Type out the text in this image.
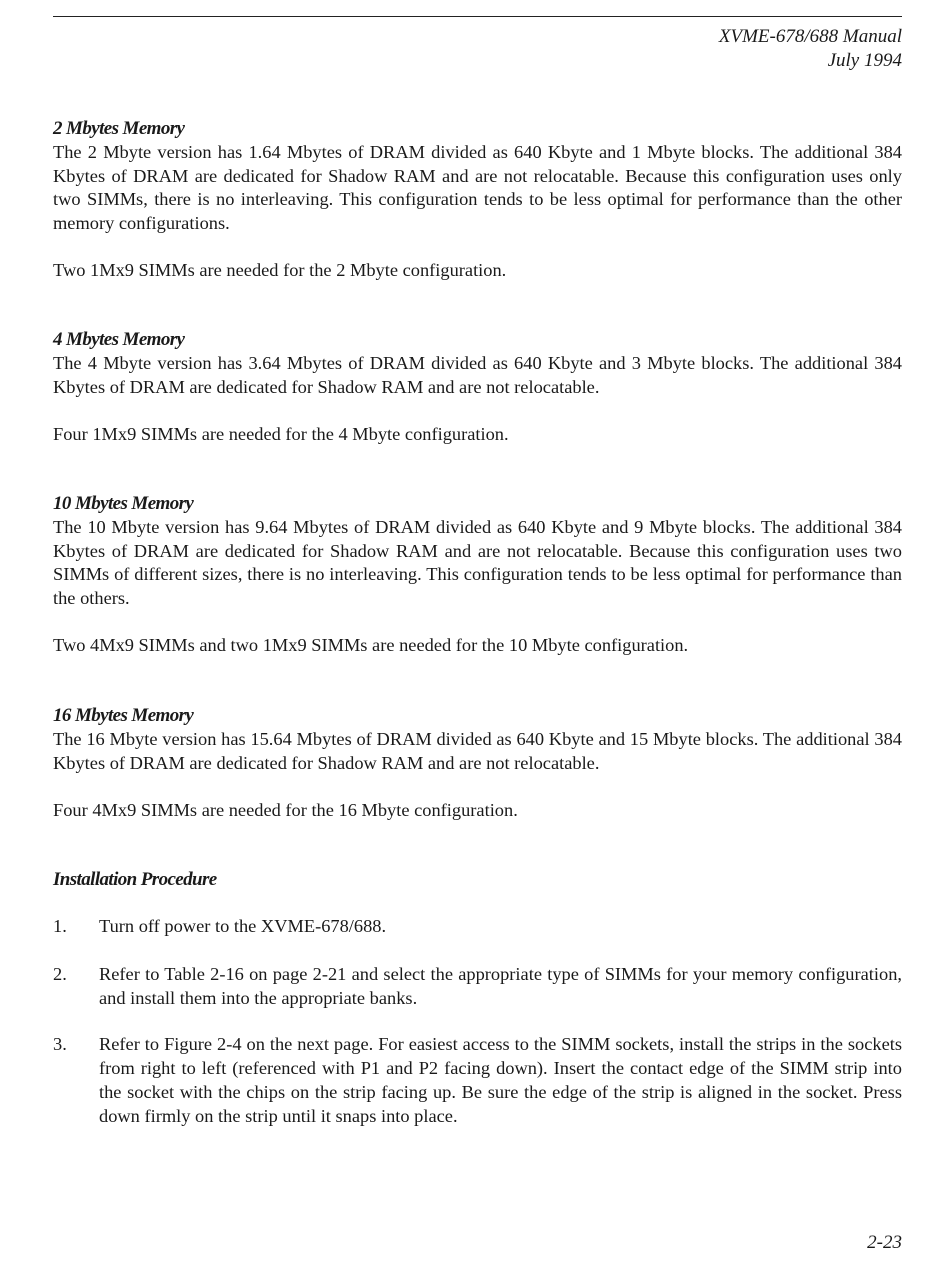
XVME-678/688 Manual
July 1994
2 Mbytes Memory

The 2 Mbyte version has 1.64 Mbytes of DRAM divided as 640 Kbyte and 1 Mbyte blocks. The additional 384 Kbytes of DRAM are dedicated for Shadow RAM and are not relocatable. Because this configuration uses only two SIMMs, there is no interleaving. This configuration tends to be less optimal for performance than the other memory configurations.

Two 1Mx9 SIMMs are needed for the 2 Mbyte configuration.

4 Mbytes Memory

The 4 Mbyte version has 3.64 Mbytes of DRAM divided as 640 Kbyte and 3 Mbyte blocks. The additional 384 Kbytes of DRAM are dedicated for Shadow RAM and are not relocatable.

Four 1Mx9 SIMMs are needed for the 4 Mbyte configuration.

10 Mbytes Memory

The 10 Mbyte version has 9.64 Mbytes of DRAM divided as 640 Kbyte and 9 Mbyte blocks. The additional 384 Kbytes of DRAM are dedicated for Shadow RAM and are not relocatable. Because this configuration uses two SIMMs of different sizes, there is no interleaving. This configuration tends to be less optimal for performance than the others.

Two 4Mx9 SIMMs and two 1Mx9 SIMMs are needed for the 10 Mbyte configuration.

16 Mbytes Memory

The 16 Mbyte version has 15.64 Mbytes of DRAM divided as 640 Kbyte and 15 Mbyte blocks. The additional 384 Kbytes of DRAM are dedicated for Shadow RAM and are not relocatable.

Four 4Mx9 SIMMs are needed for the 16 Mbyte configuration.

Installation Procedure
1. Turn off power to the XVME-678/688.
2. Refer to Table 2-16 on page 2-21 and select the appropriate type of SIMMs for your memory configuration, and install them into the appropriate banks.
3. Refer to Figure 2-4 on the next page. For easiest access to the SIMM sockets, install the strips in the sockets from right to left (referenced with P1 and P2 facing down). Insert the contact edge of the SIMM strip into the socket with the chips on the strip facing up. Be sure the edge of the strip is aligned in the socket. Press down firmly on the strip until it snaps into place.
2-23
